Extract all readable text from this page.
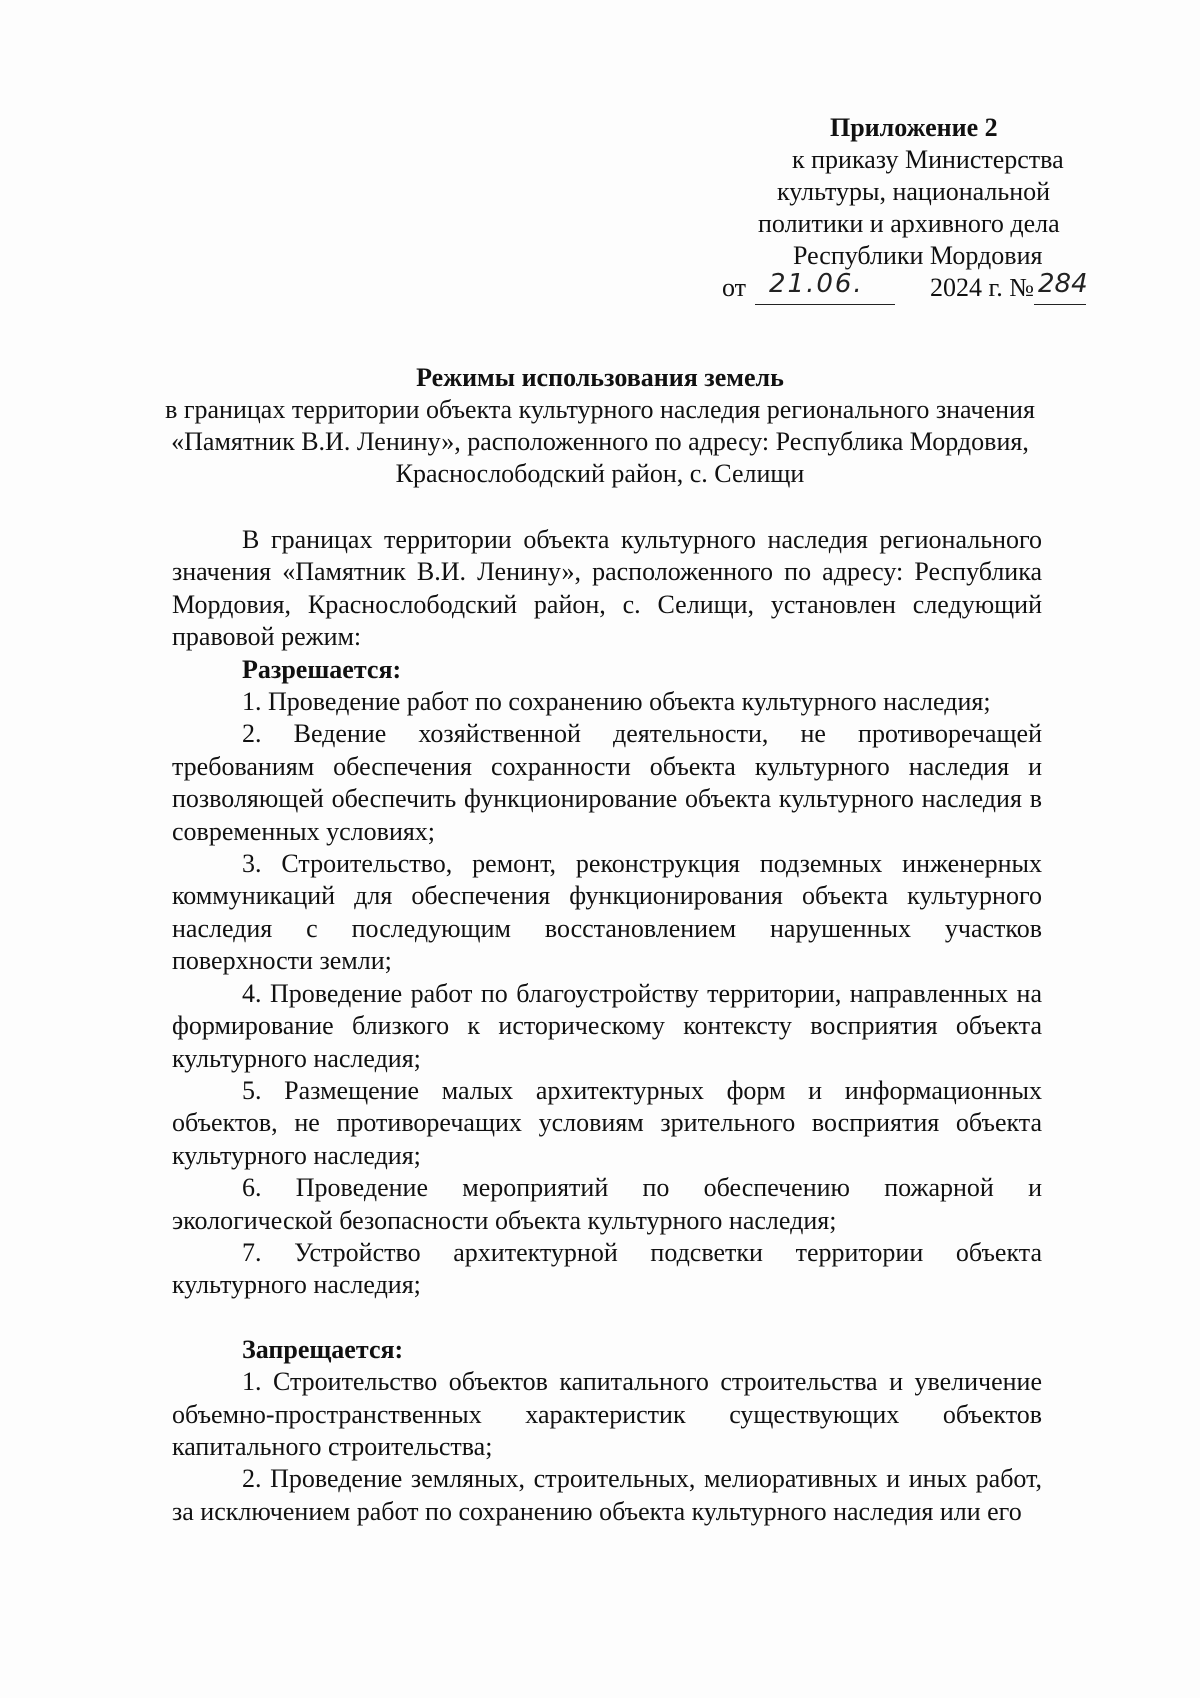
Приложение 2
к приказу Министерства
культуры, национальной
политики и архивного дела
Республики Мордовия
от 21.06.	2024 г. № 284
Режимы использования земель
в границах территории объекта культурного наследия регионального значения
«Памятник В.И. Ленину», расположенного по адресу: Республика Мордовия,
Краснослободский район, с. Селищи

В границах территории объекта культурного наследия регионального значения «Памятник В.И. Ленину», расположенного по адресу: Республика Мордовия, Краснослободский район, с. Селищи, установлен следующий правовой режим:

Разрешается:

1. Проведение работ по сохранению объекта культурного наследия;

2. Ведение хозяйственной деятельности, не противоречащей требованиям обеспечения сохранности объекта культурного наследия и позволяющей обеспечить функционирование объекта культурного наследия в современных условиях;

3. Строительство, ремонт, реконструкция подземных инженерных коммуникаций для обеспечения функционирования объекта культурного наследия с последующим восстановлением нарушенных участков поверхности земли;

4. Проведение работ по благоустройству территории, направленных на формирование близкого к историческому контексту восприятия объекта культурного наследия;

5. Размещение малых архитектурных форм и информационных объектов, не противоречащих условиям зрительного восприятия объекта культурного наследия;

6. Проведение мероприятий по обеспечению пожарной и экологической безопасности объекта культурного наследия;

7. Устройство архитектурной подсветки территории объекта культурного наследия;

Запрещается:

1. Строительство объектов капитального строительства и увеличение объемно-пространственных характеристик существующих объектов капитального строительства;

2. Проведение земляных, строительных, мелиоративных и иных работ, за исключением работ по сохранению объекта культурного наследия или его
